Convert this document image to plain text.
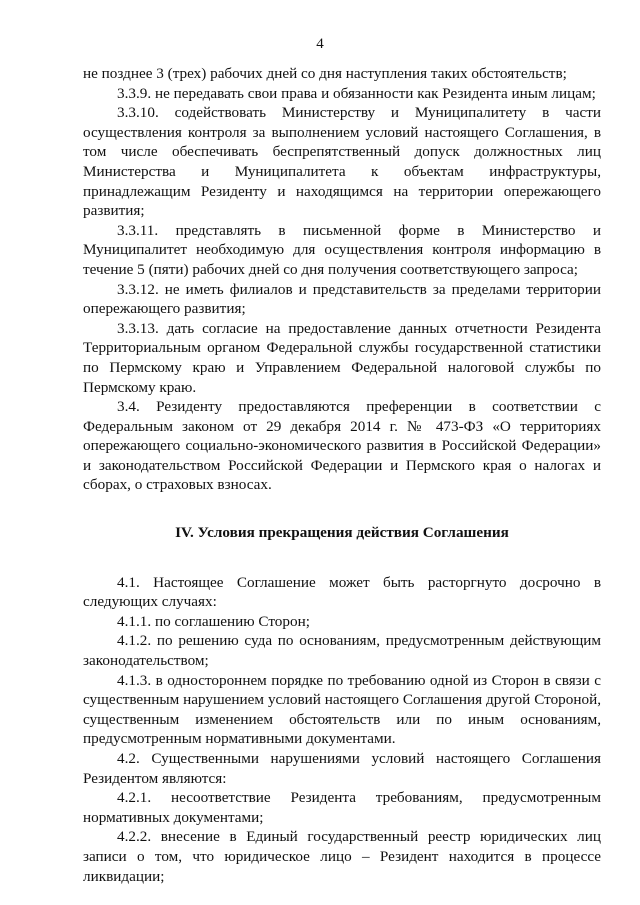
4

не позднее 3 (трех) рабочих дней со дня наступления таких обстоятельств;

3.3.9. не передавать свои права и обязанности как Резидента иным лицам;

3.3.10. содействовать Министерству и Муниципалитету в части осуществления контроля за выполнением условий настоящего Соглашения, в том числе обеспечивать беспрепятственный допуск должностных лиц Министерства и Муниципалитета к объектам инфраструктуры, принадлежащим Резиденту и находящимся на территории опережающего развития;

3.3.11. представлять в письменной форме в Министерство и Муниципалитет необходимую для осуществления контроля информацию в течение 5 (пяти) рабочих дней со дня получения соответствующего запроса;

3.3.12. не иметь филиалов и представительств за пределами территории опережающего развития;

3.3.13. дать согласие на предоставление данных отчетности Резидента Территориальным органом Федеральной службы государственной статистики по Пермскому краю и Управлением Федеральной налоговой службы по Пермскому краю.

3.4. Резиденту предоставляются преференции в соответствии с Федеральным законом от 29 декабря 2014 г. № 473-ФЗ «О территориях опережающего социально-экономического развития в Российской Федерации» и законодательством Российской Федерации и Пермского края о налогах и сборах, о страховых взносах.

IV. Условия прекращения действия Соглашения

4.1. Настоящее Соглашение может быть расторгнуто досрочно в следующих случаях:

4.1.1. по соглашению Сторон;

4.1.2. по решению суда по основаниям, предусмотренным действующим законодательством;

4.1.3. в одностороннем порядке по требованию одной из Сторон в связи с существенным нарушением условий настоящего Соглашения другой Стороной, существенным изменением обстоятельств или по иным основаниям, предусмотренным нормативными документами.

4.2. Существенными нарушениями условий настоящего Соглашения Резидентом являются:

4.2.1. несоответствие Резидента требованиям, предусмотренным нормативных документами;

4.2.2. внесение в Единый государственный реестр юридических лиц записи о том, что юридическое лицо – Резидент находится в процессе ликвидации;
